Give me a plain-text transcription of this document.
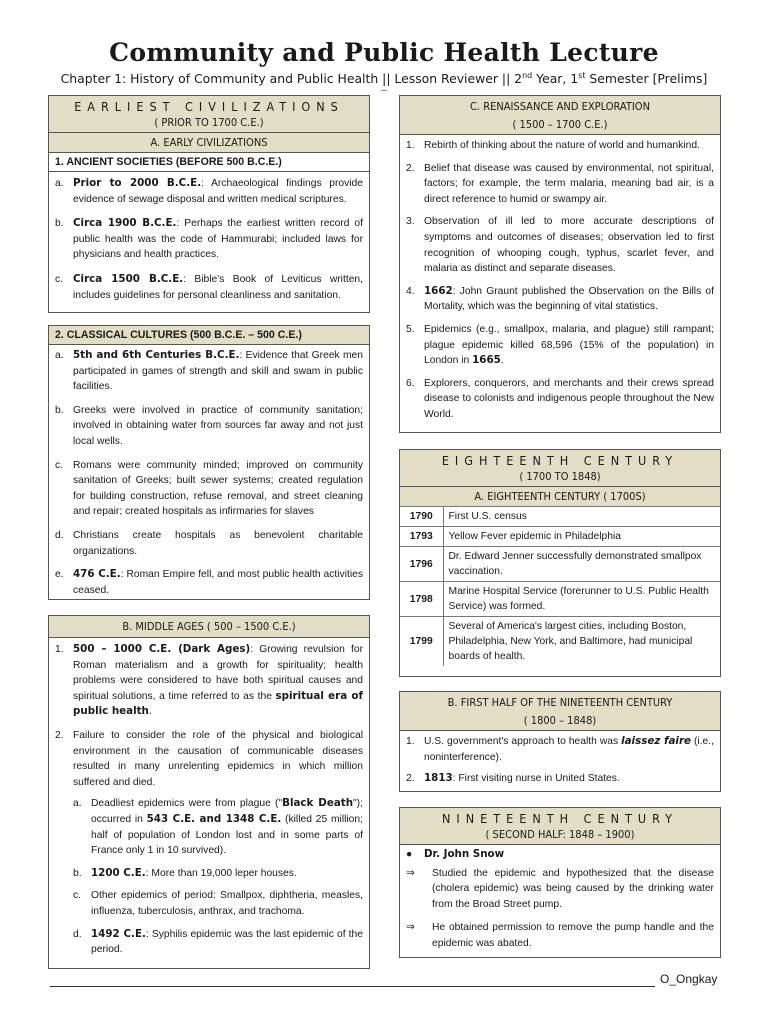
Community and Public Health Lecture
Chapter 1: History of Community and Public Health || Lesson Reviewer || 2nd Year, 1st Semester [Prelims]
--
EARLIEST CIVILIZATIONS
( PRIOR TO 1700 C.E.)
A. EARLY CIVILIZATIONS
1. ANCIENT SOCIETIES (BEFORE 500 B.C.E.)
a. Prior to 2000 B.C.E.: Archaeological findings provide evidence of sewage disposal and written medical scriptures.
b. Circa 1900 B.C.E.: Perhaps the earliest written record of public health was the code of Hammurabi; included laws for physicians and health practices.
c. Circa 1500 B.C.E.: Bible's Book of Leviticus written, includes guidelines for personal cleanliness and sanitation.
2. CLASSICAL CULTURES (500 B.C.E. – 500 C.E.)
a. 5th and 6th Centuries B.C.E.: Evidence that Greek men participated in games of strength and skill and swam in public facilities.
b. Greeks were involved in practice of community sanitation; involved in obtaining water from sources far away and not just local wells.
c. Romans were community minded; improved on community sanitation of Greeks; built sewer systems; created regulation for building construction, refuse removal, and street cleaning and repair; created hospitals as infirmaries for slaves
d. Christians create hospitals as benevolent charitable organizations.
e. 476 C.E.: Roman Empire fell, and most public health activities ceased.
B. MIDDLE AGES ( 500 – 1500 C.E.)
1. 500 – 1000 C.E. (Dark Ages): Growing revulsion for Roman materialism and a growth for spirituality; health problems were considered to have both spiritual causes and spiritual solutions, a time referred to as the spiritual era of public health.
2. Failure to consider the role of the physical and biological environment in the causation of communicable diseases resulted in many unrelenting epidemics in which million suffered and died.
a. Deadliest epidemics were from plague ("Black Death"); occurred in 543 C.E. and 1348 C.E. (killed 25 million; half of population of London lost and in some parts of France only 1 in 10 survived).
b. 1200 C.E.: More than 19,000 leper houses.
c. Other epidemics of period: Smallpox, diphtheria, measles, influenza, tuberculosis, anthrax, and trachoma.
d. 1492 C.E.: Syphilis epidemic was the last epidemic of the period.
C. RENAISSANCE AND EXPLORATION
( 1500 – 1700 C.E.)
1. Rebirth of thinking about the nature of world and humankind.
2. Belief that disease was caused by environmental, not spiritual, factors; for example, the term malaria, meaning bad air, is a direct reference to humid or swampy air.
3. Observation of ill led to more accurate descriptions of symptoms and outcomes of diseases; observation led to first recognition of whooping cough, typhus, scarlet fever, and malaria as distinct and separate diseases.
4. 1662: John Graunt published the Observation on the Bills of Mortality, which was the beginning of vital statistics.
5. Epidemics (e.g., smallpox, malaria, and plague) still rampant; plague epidemic killed 68,596 (15% of the population) in London in 1665.
6. Explorers, conquerors, and merchants and their crews spread disease to colonists and indigenous people throughout the New World.
EIGHTEENTH CENTURY
( 1700 TO 1848)
A. EIGHTEENTH CENTURY ( 1700S)
1790	First U.S. census
1793	Yellow Fever epidemic in Philadelphia
1796	Dr. Edward Jenner successfully demonstrated smallpox vaccination.
1798	Marine Hospital Service (forerunner to U.S. Public Health Service) was formed.
1799	Several of America's largest cities, including Boston, Philadelphia, New York, and Baltimore, had municipal boards of health.
B. FIRST HALF OF THE NINETEENTH CENTURY
( 1800 – 1848)
1. U.S. government's approach to health was laissez faire (i.e., noninterference).
2. 1813: First visiting nurse in United States.
NINETEENTH CENTURY
( SECOND HALF: 1848 – 1900)
●	Dr. John Snow
⇒	Studied the epidemic and hypothesized that the disease (cholera epidemic) was being caused by the drinking water from the Broad Street pump.
⇒	He obtained permission to remove the pump handle and the epidemic was abated.
O_Ongkay
